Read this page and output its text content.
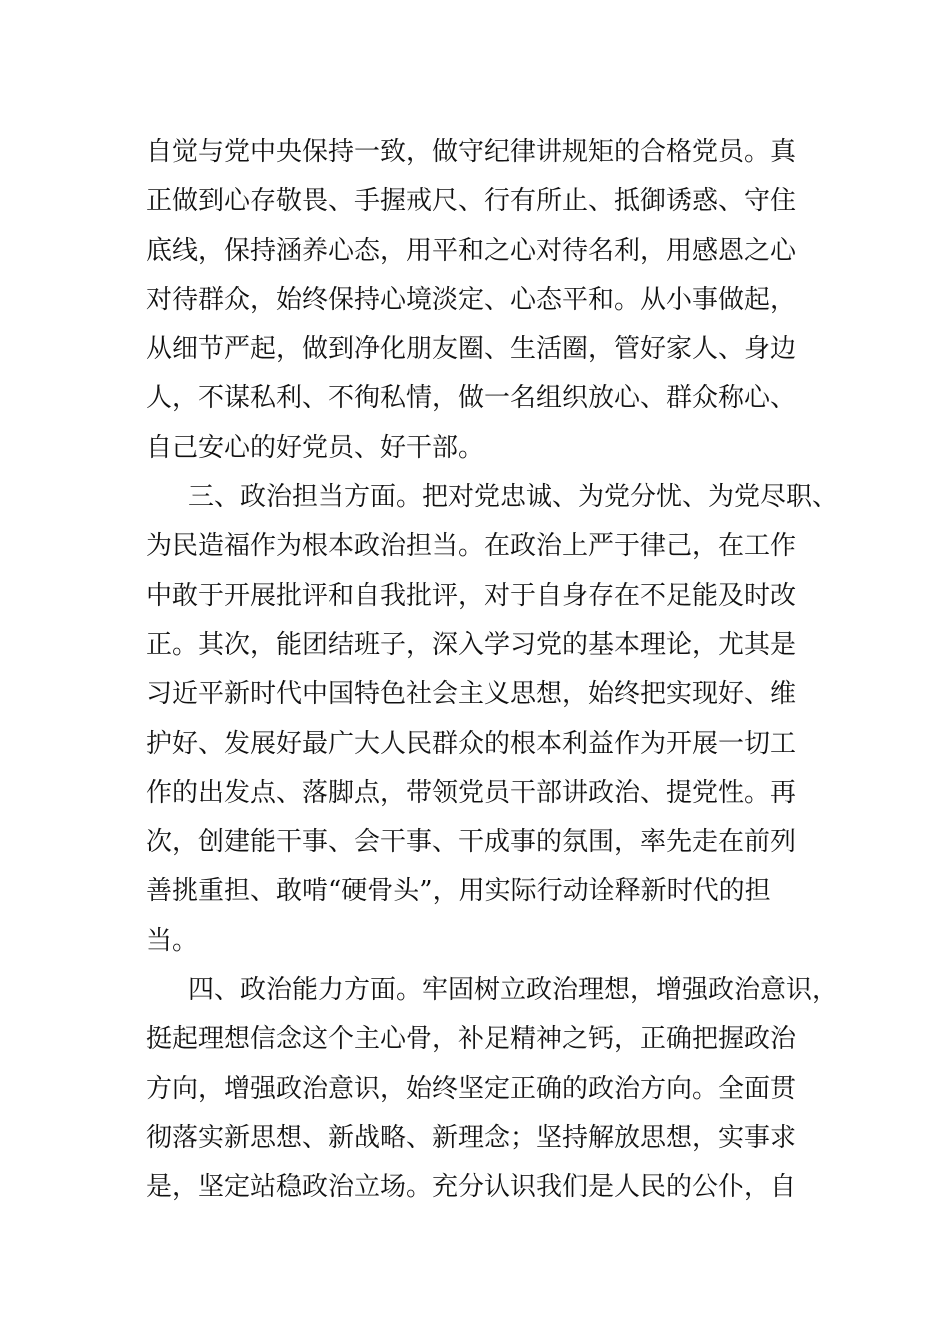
自觉与党中央保持一致，做守纪律讲规矩的合格党员。真
正做到心存敬畏、手握戒尺、行有所止、抵御诱惑、守住
底线，保持涵养心态，用平和之心对待名利，用感恩之心
对待群众，始终保持心境淡定、心态平和。从小事做起，
从细节严起，做到净化朋友圈、生活圈，管好家人、身边
人，不谋私利、不徇私情，做一名组织放心、群众称心、
自己安心的好党员、好干部。
三、政治担当方面。把对党忠诚、为党分忧、为党尽职、
为民造福作为根本政治担当。在政治上严于律己，在工作
中敢于开展批评和自我批评，对于自身存在不足能及时改
正。其次，能团结班子，深入学习党的基本理论，尤其是
习近平新时代中国特色社会主义思想，始终把实现好、维
护好、发展好最广大人民群众的根本利益作为开展一切工
作的出发点、落脚点，带领党员干部讲政治、提党性。再
次，创建能干事、会干事、干成事的氛围，率先走在前列
善挑重担、敢啃“硬骨头”，用实际行动诠释新时代的担
当。
四、政治能力方面。牢固树立政治理想，增强政治意识，
挺起理想信念这个主心骨，补足精神之钙，正确把握政治
方向，增强政治意识，始终坚定正确的政治方向。全面贯
彻落实新思想、新战略、新理念；坚持解放思想，实事求
是，坚定站稳政治立场。充分认识我们是人民的公仆，自
